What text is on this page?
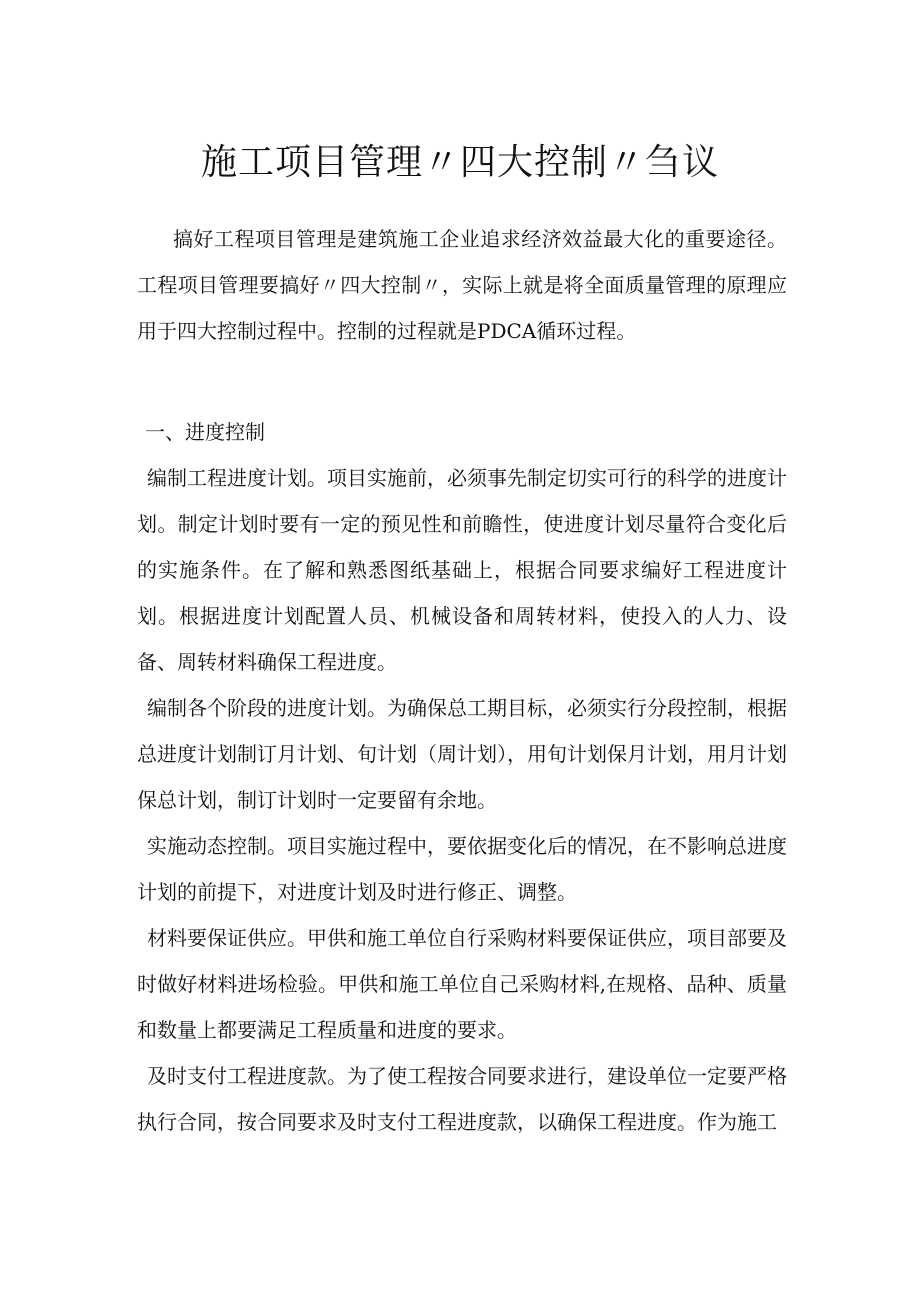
施工项目管理〃四大控制〃刍议

搞好工程项目管理是建筑施工企业追求经济效益最大化的重要途径。工程项目管理要搞好〃四大控制〃，实际上就是将全面质量管理的原理应用于四大控制过程中。控制的过程就是PDCA循环过程。

一、进度控制

编制工程进度计划。项目实施前，必须事先制定切实可行的科学的进度计划。制定计划时要有一定的预见性和前瞻性，使进度计划尽量符合变化后的实施条件。在了解和熟悉图纸基础上，根据合同要求编好工程进度计划。根据进度计划配置人员、机械设备和周转材料，使投入的人力、设备、周转材料确保工程进度。

编制各个阶段的进度计划。为确保总工期目标，必须实行分段控制，根据总进度计划制订月计划、旬计划（周计划），用旬计划保月计划，用月计划保总计划，制订计划时一定要留有余地。

实施动态控制。项目实施过程中，要依据变化后的情况，在不影响总进度计划的前提下，对进度计划及时进行修正、调整。

材料要保证供应。甲供和施工单位自行采购材料要保证供应，项目部要及时做好材料进场检验。甲供和施工单位自己采购材料,在规格、品种、质量和数量上都要满足工程质量和进度的要求。

及时支付工程进度款。为了使工程按合同要求进行，建设单位一定要严格执行合同，按合同要求及时支付工程进度款，以确保工程进度。作为施工
